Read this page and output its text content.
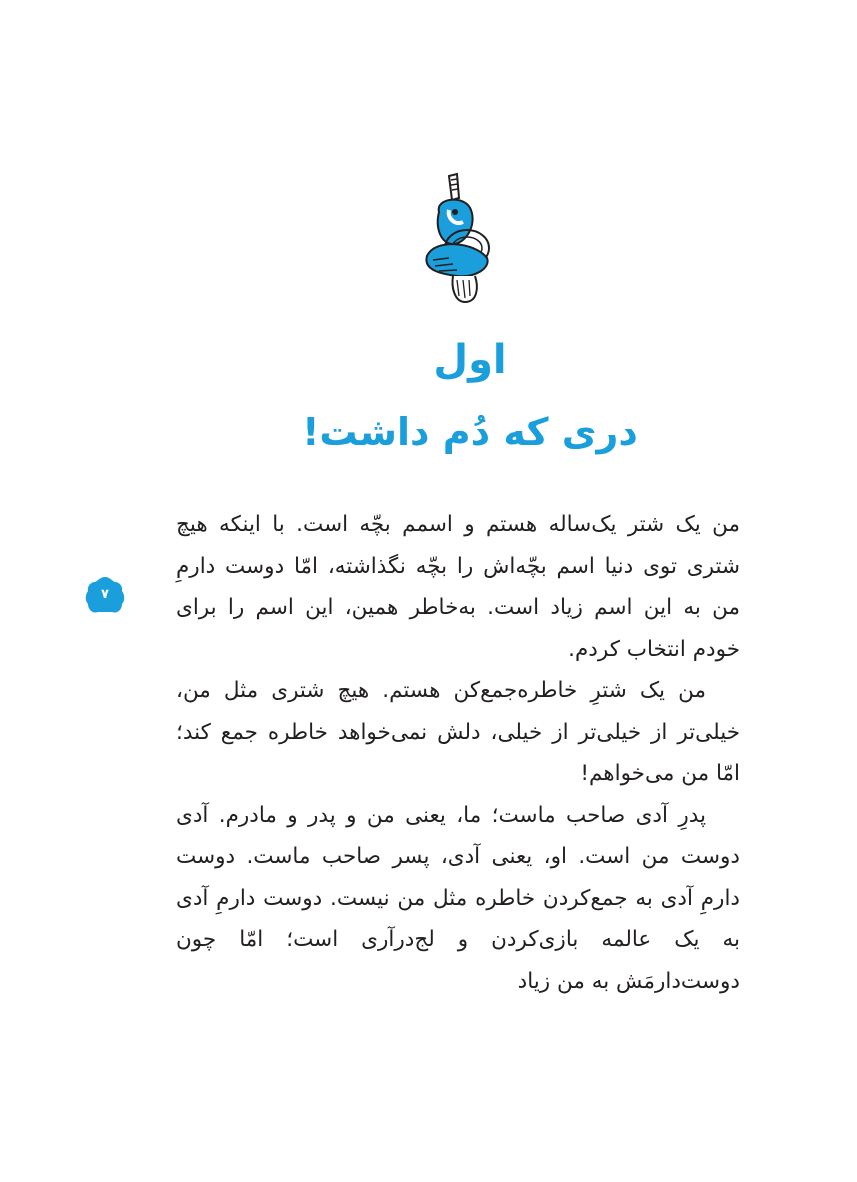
اول
دری که دُم داشت!
۷

من یک شتر یک‌ساله هستم و اسمم بچّه است. با اینکه هیچ شتری توی دنیا اسم بچّه‌اش را بچّه نگذاشته، امّا دوست دارمِ من به این اسم زیاد است. به‌خاطر همین، این اسم را برای خودم انتخاب کردم.

من یک شترِ خاطره‌جمع‌کن هستم. هیچ شتری مثل من، خیلی‌تر از خیلی‌تر از خیلی، دلش نمی‌خواهد خاطره جمع کند؛ امّا من می‌خواهم!

پدرِ آدی صاحب ماست؛ ما، یعنی من و پدر و مادرم. آدی دوست من است. او، یعنی آدی، پسر صاحب ماست. دوست دارمِ آدی به جمع‌کردن خاطره مثل من نیست. دوست دارمِ آدی به یک عالمه بازی‌کردن و لج‌درآری است؛ امّا چون دوست‌دارمَش به من زیاد
